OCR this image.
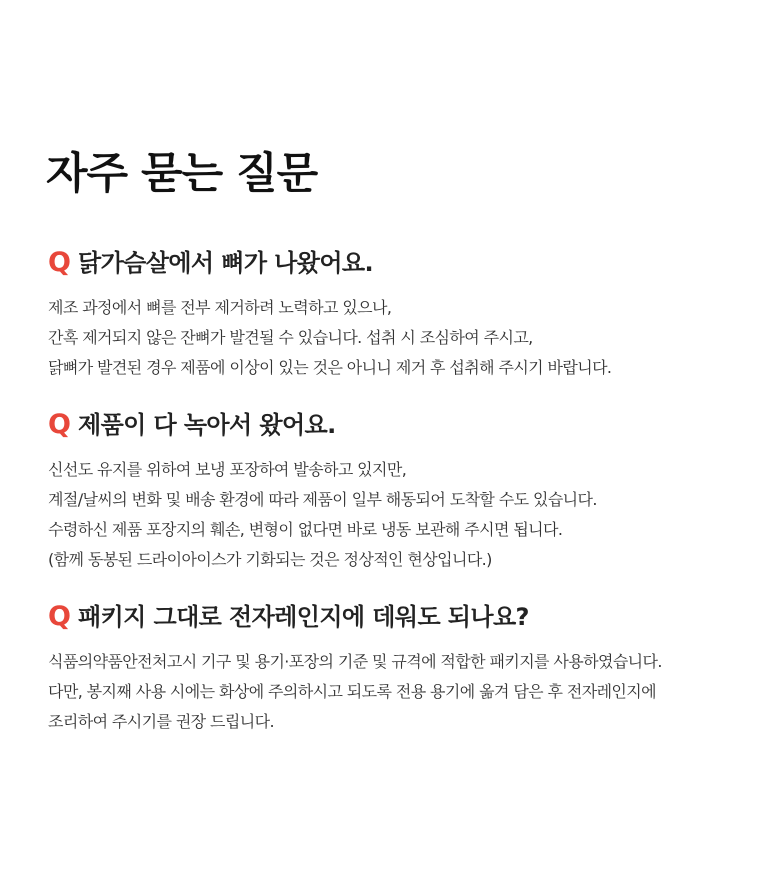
자주 묻는 질문
Q 닭가슴살에서 뼈가 나왔어요.
제조 과정에서 뼈를 전부 제거하려 노력하고 있으나,
간혹 제거되지 않은 잔뼈가 발견될 수 있습니다. 섭취 시 조심하여 주시고,
닭뼈가 발견된 경우 제품에 이상이 있는 것은 아니니 제거 후 섭취해 주시기 바랍니다.
Q 제품이 다 녹아서 왔어요.
신선도 유지를 위하여 보냉 포장하여 발송하고 있지만,
계절/날씨의 변화 및 배송 환경에 따라 제품이 일부 해동되어 도착할 수도 있습니다.
수령하신 제품 포장지의 훼손, 변형이 없다면 바로 냉동 보관해 주시면 됩니다.
(함께 동봉된 드라이아이스가 기화되는 것은 정상적인 현상입니다.)
Q 패키지 그대로 전자레인지에 데워도 되나요?
식품의약품안전처고시 기구 및 용기·포장의 기준 및 규격에 적합한 패키지를 사용하였습니다.
다만, 봉지째 사용 시에는 화상에 주의하시고 되도록 전용 용기에 옮겨 담은 후 전자레인지에
조리하여 주시기를 권장 드립니다.
